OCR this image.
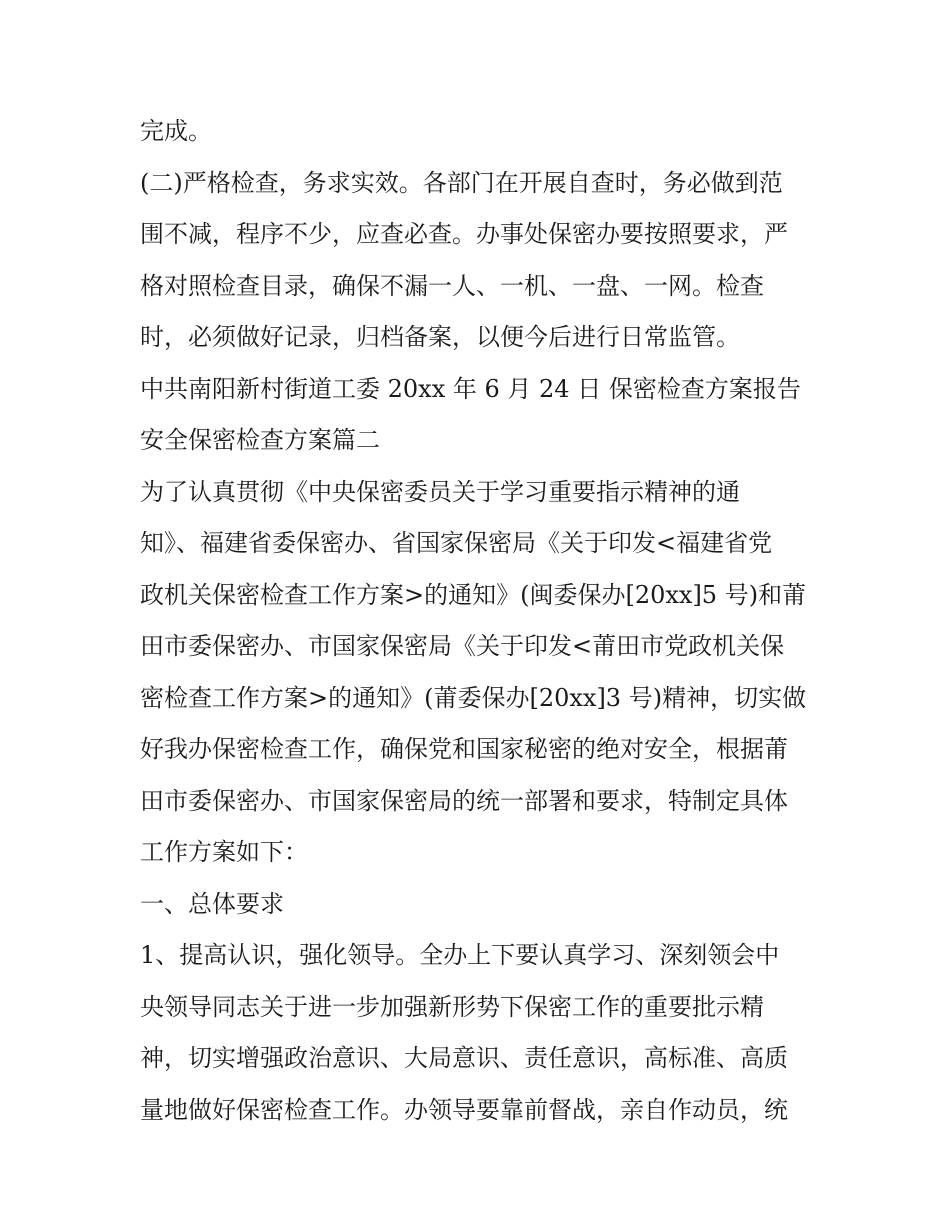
完成。
(二)严格检查，务求实效。各部门在开展自查时，务必做到范
围不减，程序不少，应查必查。办事处保密办要按照要求，严
格对照检查目录，确保不漏一人、一机、一盘、一网。检查
时，必须做好记录，归档备案，以便今后进行日常监管。
中共南阳新村街道工委 20xx 年 6 月 24 日 保密检查方案报告
安全保密检查方案篇二
为了认真贯彻《中央保密委员关于学习重要指示精神的通
知》、福建省委保密办、省国家保密局《关于印发<福建省党
政机关保密检查工作方案>的通知》(闽委保办[20xx]5 号)和莆
田市委保密办、市国家保密局《关于印发<莆田市党政机关保
密检查工作方案>的通知》(莆委保办[20xx]3 号)精神，切实做
好我办保密检查工作，确保党和国家秘密的绝对安全，根据莆
田市委保密办、市国家保密局的统一部署和要求，特制定具体
工作方案如下：
一、总体要求
1、提高认识，强化领导。全办上下要认真学习、深刻领会中
央领导同志关于进一步加强新形势下保密工作的重要批示精
神，切实增强政治意识、大局意识、责任意识，高标准、高质
量地做好保密检查工作。办领导要靠前督战，亲自作动员，统
